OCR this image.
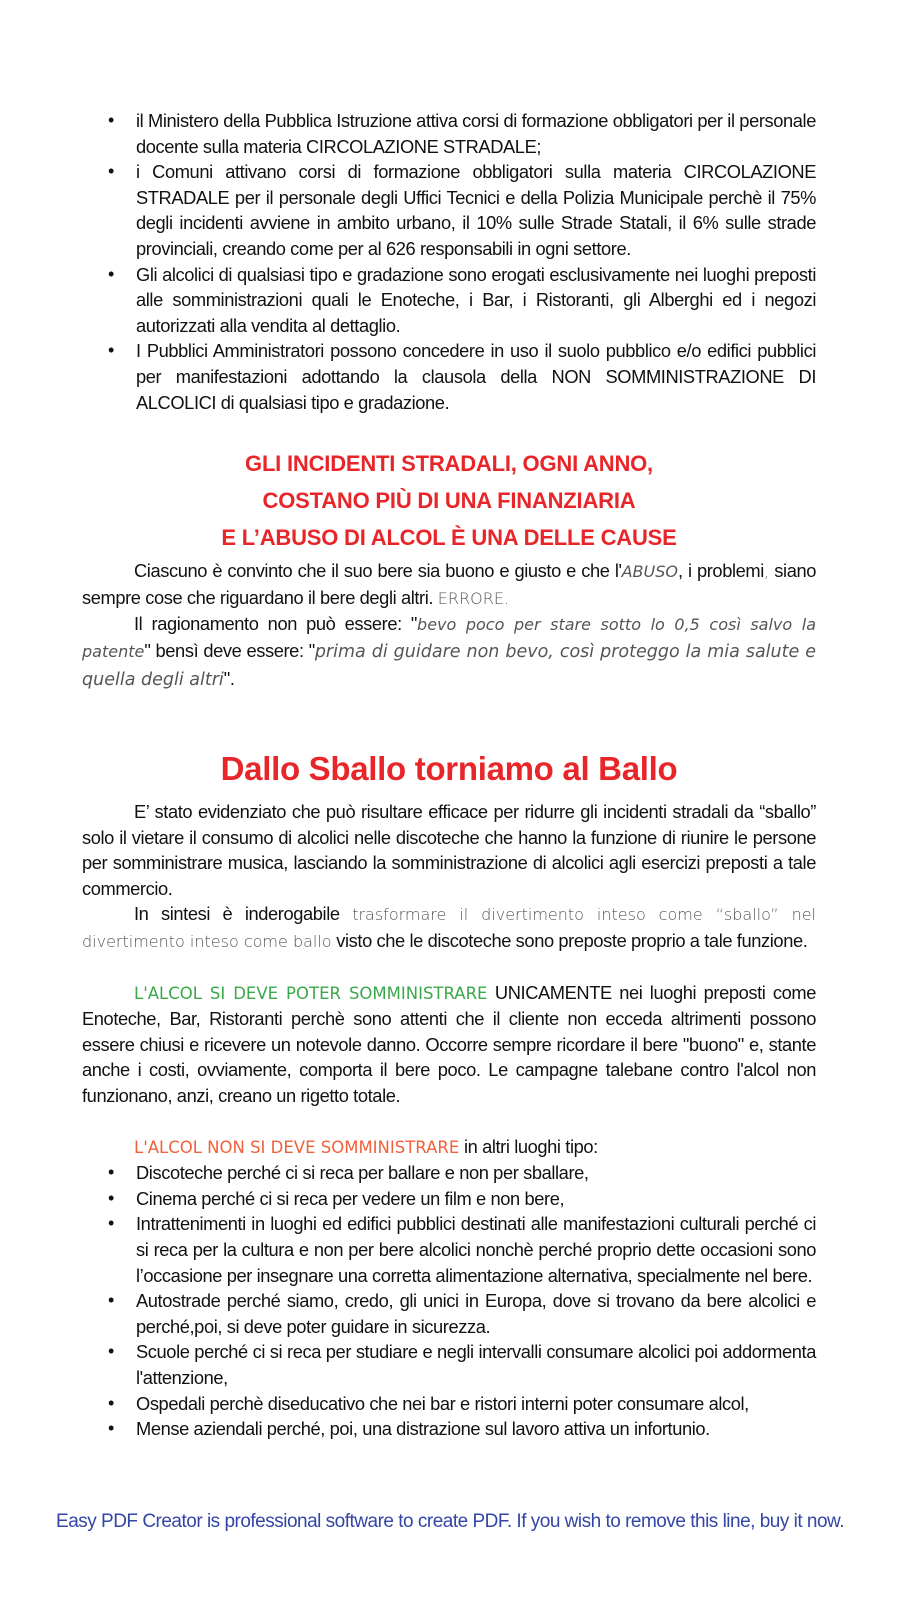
• il Ministero della Pubblica Istruzione attiva corsi di formazione obbligatori per il personale docente sulla materia CIRCOLAZIONE STRADALE;
• i Comuni attivano corsi di formazione obbligatori sulla materia CIRCOLAZIONE STRADALE per il personale degli Uffici Tecnici e della Polizia Municipale perchè il 75% degli incidenti avviene in ambito urbano, il 10% sulle Strade Statali, il 6% sulle strade provinciali, creando come per al 626 responsabili in ogni settore.
• Gli alcolici di qualsiasi tipo e gradazione sono erogati esclusivamente nei luoghi preposti alle somministrazioni quali le Enoteche, i Bar, i Ristoranti, gli Alberghi ed i negozi autorizzati alla vendita al dettaglio.
• I Pubblici Amministratori possono concedere in uso il suolo pubblico e/o edifici pubblici per manifestazioni adottando la clausola della NON SOMMINISTRAZIONE DI ALCOLICI di qualsiasi tipo e gradazione.
GLI INCIDENTI STRADALI, OGNI ANNO,
COSTANO PIÙ DI UNA FINANZIARIA
E L’ABUSO DI ALCOL È UNA DELLE CAUSE

Ciascuno è convinto che il suo bere sia buono e giusto e che l'ABUSO, i problemi, siano sempre cose che riguardano il bere degli altri. ERRORE.

Il ragionamento non può essere: "bevo poco per stare sotto lo 0,5 così salvo la patente" bensì deve essere: "prima di guidare non bevo, così proteggo la mia salute e quella degli altri".

Dallo Sballo torniamo al Ballo

E’ stato evidenziato che può risultare efficace per ridurre gli incidenti stradali da “sballo” solo il vietare il consumo di alcolici nelle discoteche che hanno la funzione di riunire le persone per somministrare musica, lasciando la somministrazione di alcolici agli esercizi preposti a tale commercio.

In sintesi è inderogabile trasformare il divertimento inteso come “sballo” nel divertimento inteso come ballo visto che le discoteche sono preposte proprio a tale funzione.

L'ALCOL SI DEVE POTER SOMMINISTRARE UNICAMENTE nei luoghi preposti come Enoteche, Bar, Ristoranti perchè sono attenti che il cliente non ecceda altrimenti possono essere chiusi e ricevere un notevole danno. Occorre sempre ricordare il bere "buono" e, stante anche i costi, ovviamente, comporta il bere poco. Le campagne talebane contro l'alcol non funzionano, anzi, creano un rigetto totale.

L'ALCOL NON SI DEVE SOMMINISTRARE in altri luoghi tipo:

• Discoteche perché ci si reca per ballare e non per sballare,
• Cinema perché ci si reca per vedere un film e non bere,
• Intrattenimenti in luoghi ed edifici pubblici destinati alle manifestazioni culturali perché ci si reca per la cultura e non per bere alcolici nonchè perché proprio dette occasioni sono l’occasione per insegnare una corretta alimentazione alternativa, specialmente nel bere.
• Autostrade perché siamo, credo, gli unici in Europa, dove si trovano da bere alcolici e perché,poi, si deve poter guidare in sicurezza.
• Scuole perché ci si reca per studiare e negli intervalli consumare alcolici poi addormenta l'attenzione,
• Ospedali perchè diseducativo che nei bar e ristori interni poter consumare alcol,
• Mense aziendali perché, poi, una distrazione sul lavoro attiva un infortunio.
Easy PDF Creator is professional software to create PDF. If you wish to remove this line, buy it now.
